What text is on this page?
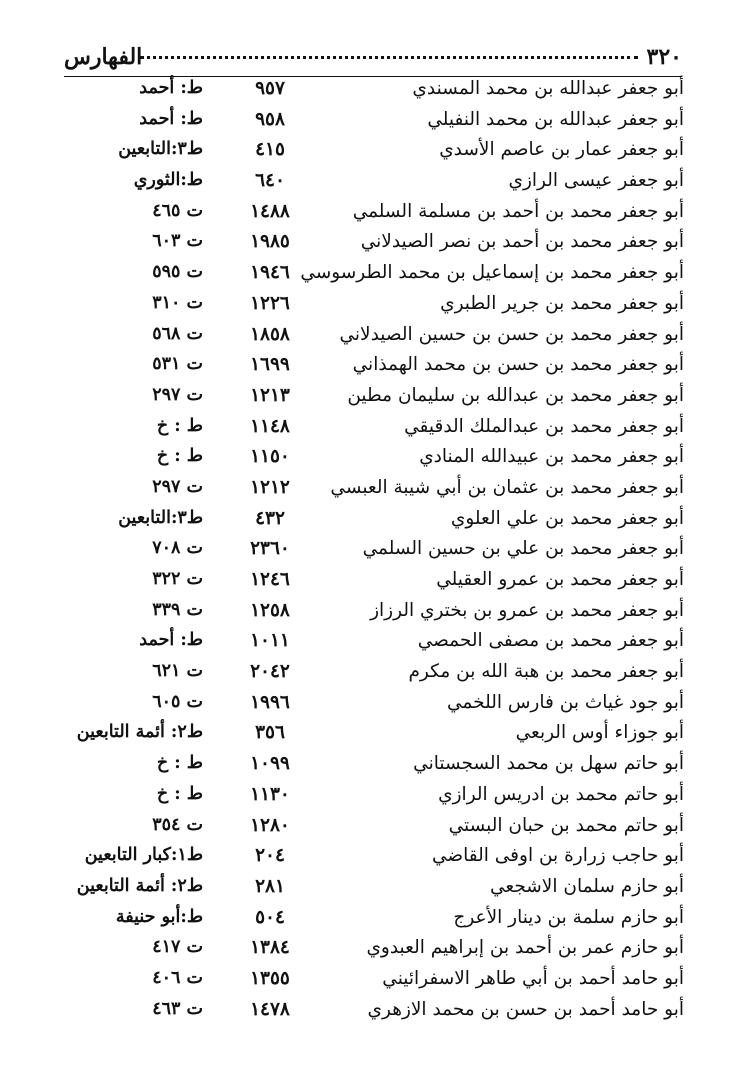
٣٢٠
الفهارس
أبو جعفر عبدالله بن محمد المسندي
٩٥٧
ط: أحمد
أبو جعفر عبدالله بن محمد النفيلي
٩٥٨
ط: أحمد
أبو جعفر عمار بن عاصم الأسدي
٤١٥
ط٣:التابعين
أبو جعفر عيسى الرازي
٦٤٠
ط:الثوري
أبو جعفر محمد بن أحمد بن مسلمة السلمي
١٤٨٨
ت ٤٦٥
أبو جعفر محمد بن أحمد بن نصر الصيدلاني
١٩٨٥
ت ٦٠٣
أبو جعفر محمد بن إسماعيل بن محمد الطرسوسي
١٩٤٦
ت ٥٩٥
أبو جعفر محمد بن جرير الطبري
١٢٢٦
ت ٣١٠
أبو جعفر محمد بن حسن بن حسين الصيدلاني
١٨٥٨
ت ٥٦٨
أبو جعفر محمد بن حسن بن محمد الهمذاني
١٦٩٩
ت ٥٣١
أبو جعفر محمد بن عبدالله بن سليمان مطين
١٢١٣
ت ٢٩٧
أبو جعفر محمد بن عبدالملك الدقيقي
١١٤٨
ط : خ
أبو جعفر محمد بن عبيدالله المنادي
١١٥٠
ط : خ
أبو جعفر محمد بن عثمان بن أبي شيبة العبسي
١٢١٢
ت ٢٩٧
أبو جعفر محمد بن علي العلوي
٤٣٢
ط٣:التابعين
أبو جعفر محمد بن علي بن حسين السلمي
٢٣٦٠
ت ٧٠٨
أبو جعفر محمد بن عمرو العقيلي
١٢٤٦
ت ٣٢٢
أبو جعفر محمد بن عمرو بن بختري الرزاز
١٢٥٨
ت ٣٣٩
أبو جعفر محمد بن مصفى الحمصي
١٠١١
ط: أحمد
أبو جعفر محمد بن هبة الله بن مكرم
٢٠٤٢
ت ٦٢١
أبو جود غياث بن فارس اللخمي
١٩٩٦
ت ٦٠٥
أبو جوزاء أوس الربعي
٣٥٦
ط٢: أئمة التابعين
أبو حاتم سهل بن محمد السجستاني
١٠٩٩
ط : خ
أبو حاتم محمد بن ادريس الرازي
١١٣٠
ط : خ
أبو حاتم محمد بن حبان البستي
١٢٨٠
ت ٣٥٤
أبو حاجب زرارة بن اوفى القاضي
٢٠٤
ط١:كبار التابعين
أبو حازم سلمان الاشجعي
٢٨١
ط٢: أئمة التابعين
أبو حازم سلمة بن دينار الأعرج
٥٠٤
ط:أبو حنيفة
أبو حازم عمر بن أحمد بن إبراهيم العبدوي
١٣٨٤
ت ٤١٧
أبو حامد أحمد بن أبي طاهر الاسفرائيني
١٣٥٥
ت ٤٠٦
أبو حامد أحمد بن حسن بن محمد الازهري
١٤٧٨
ت ٤٦٣
